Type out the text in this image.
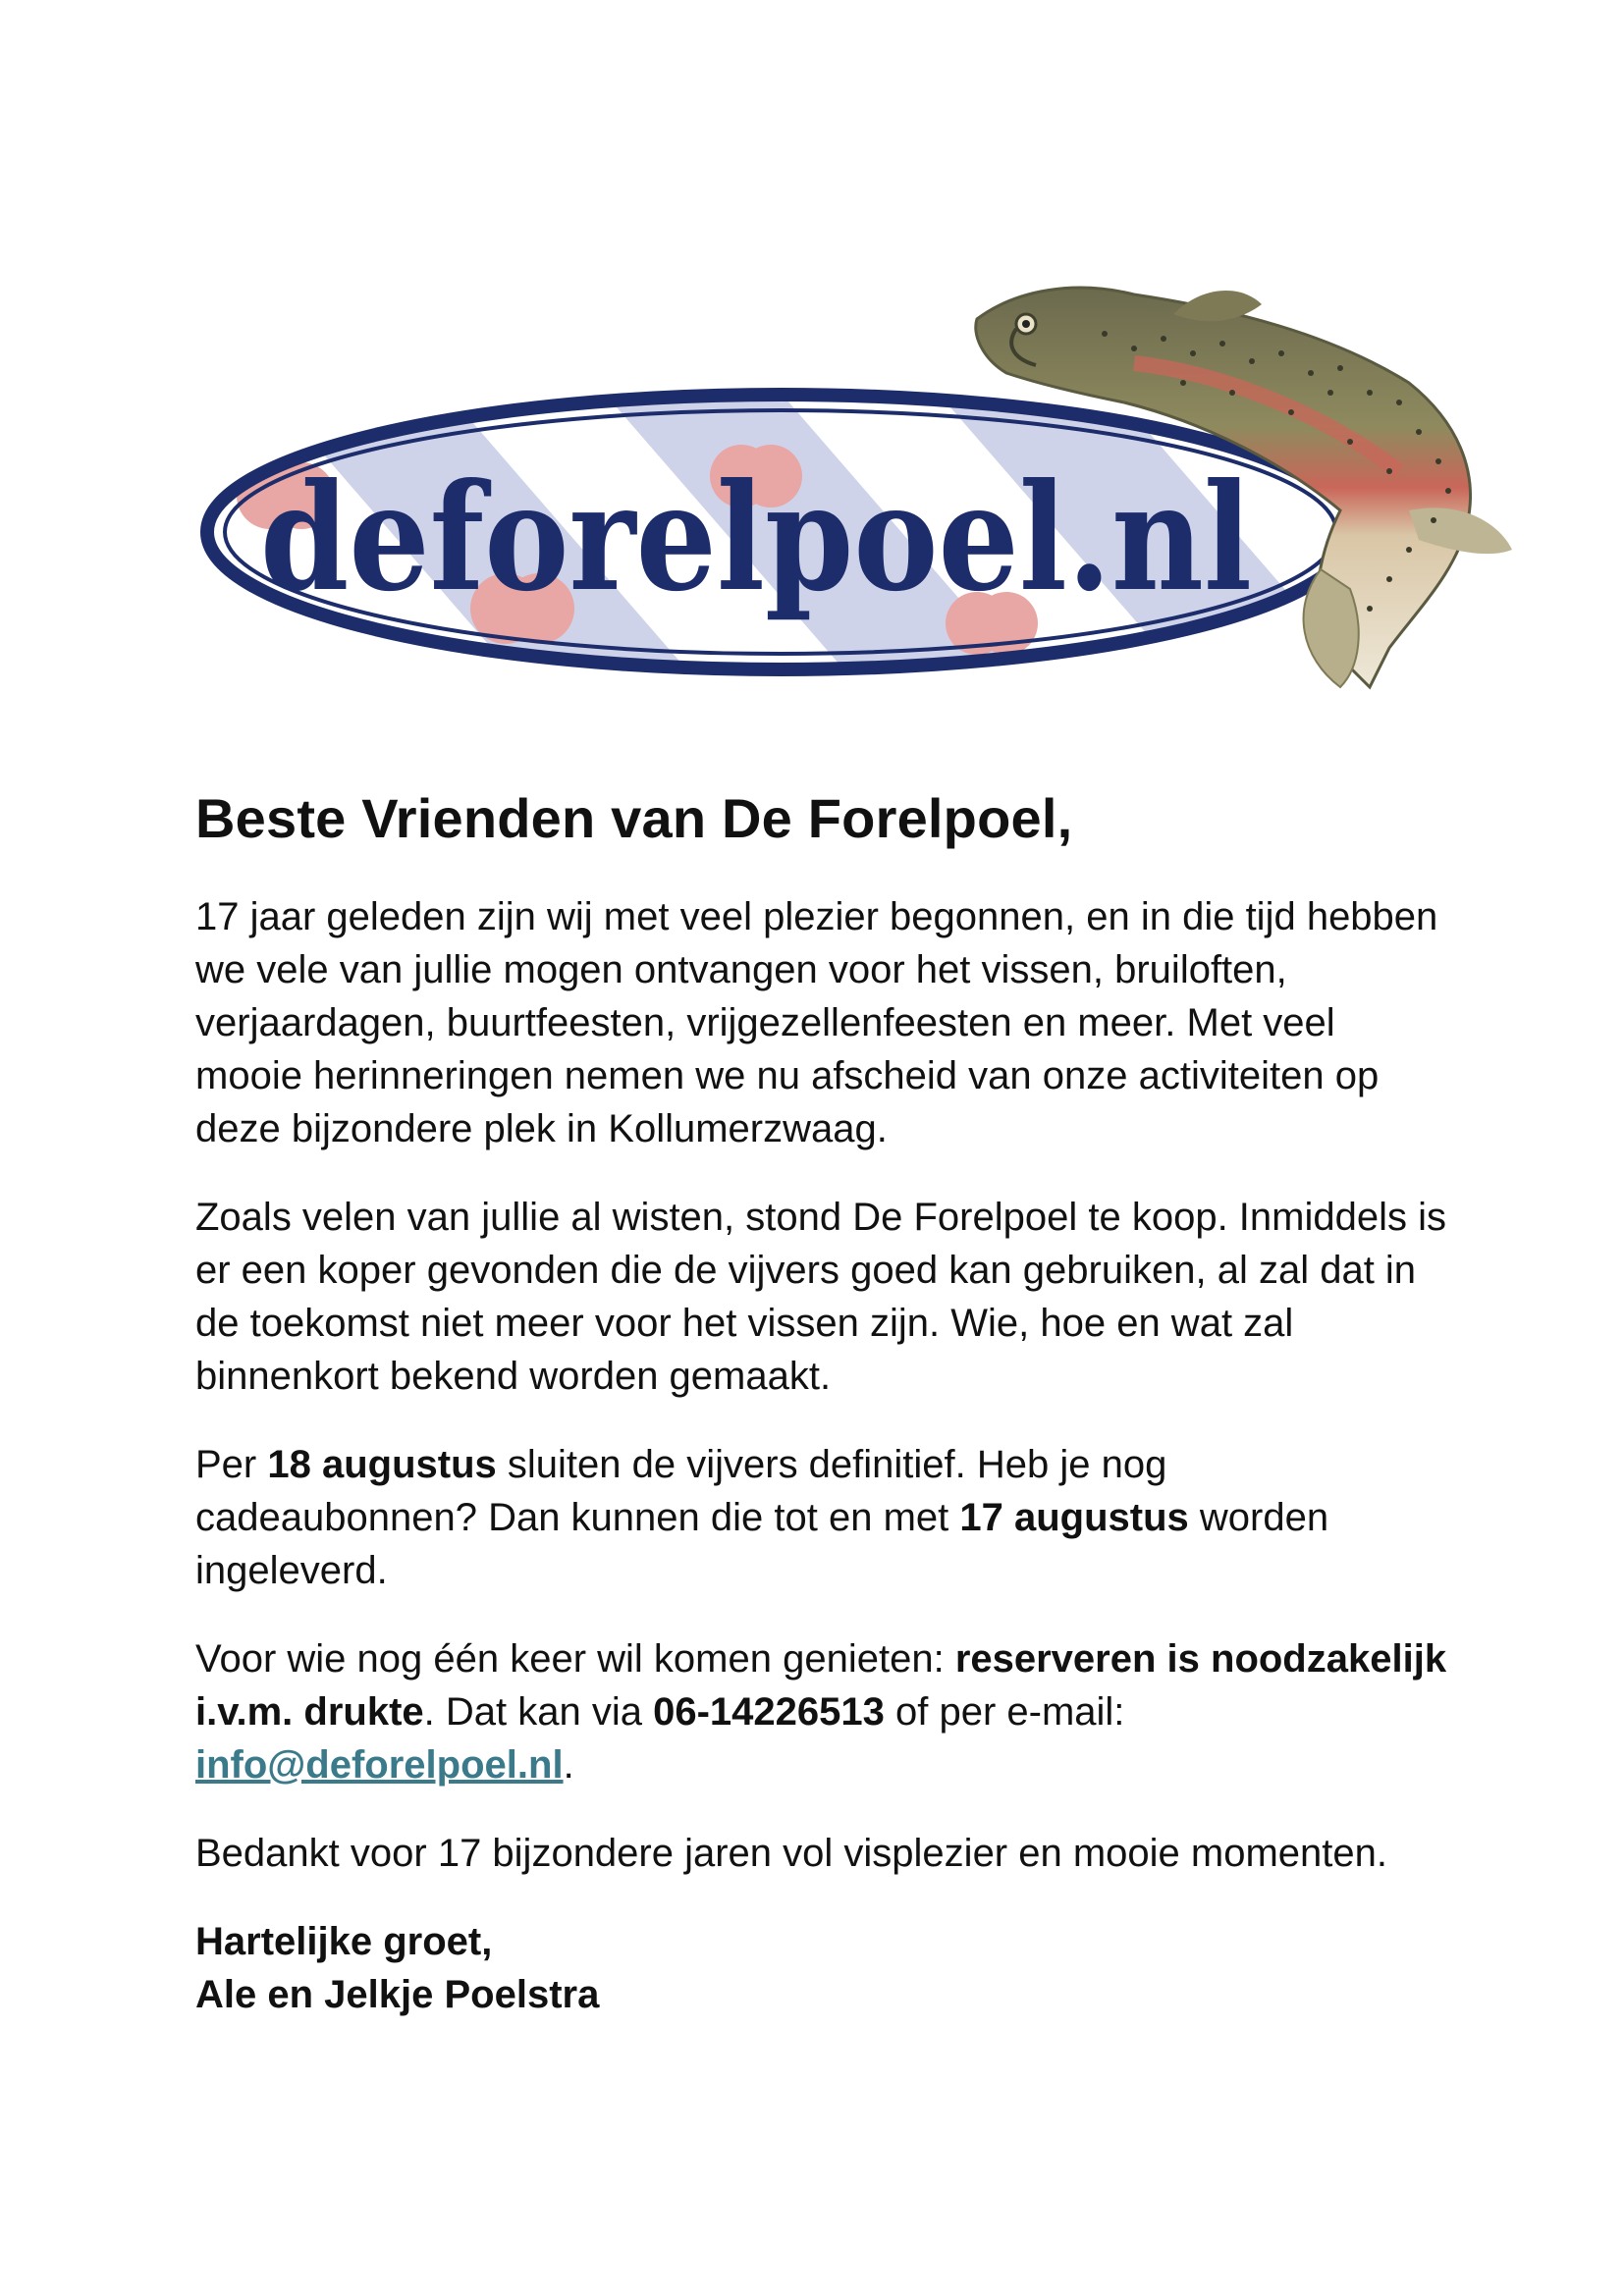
deforelpoel.nl
Beste Vrienden van De Forelpoel,

17 jaar geleden zijn wij met veel plezier begonnen, en in die tijd hebben we vele van jullie mogen ontvangen voor het vissen, bruiloften, verjaardagen, buurtfeesten, vrijgezellenfeesten en meer. Met veel mooie herinneringen nemen we nu afscheid van onze activiteiten op deze bijzondere plek in Kollumerzwaag.

Zoals velen van jullie al wisten, stond De Forelpoel te koop. Inmiddels is er een koper gevonden die de vijvers goed kan gebruiken, al zal dat in de toekomst niet meer voor het vissen zijn. Wie, hoe en wat zal binnenkort bekend worden gemaakt.

Per 18 augustus sluiten de vijvers definitief. Heb je nog cadeaubonnen? Dan kunnen die tot en met 17 augustus worden ingeleverd.

Voor wie nog één keer wil komen genieten: reserveren is noodzakelijk i.v.m. drukte. Dat kan via 06-14226513 of per e-mail: info@deforelpoel.nl.

Bedankt voor 17 bijzondere jaren vol visplezier en mooie momenten.

Hartelijke groet,
Ale en Jelkje Poelstra
